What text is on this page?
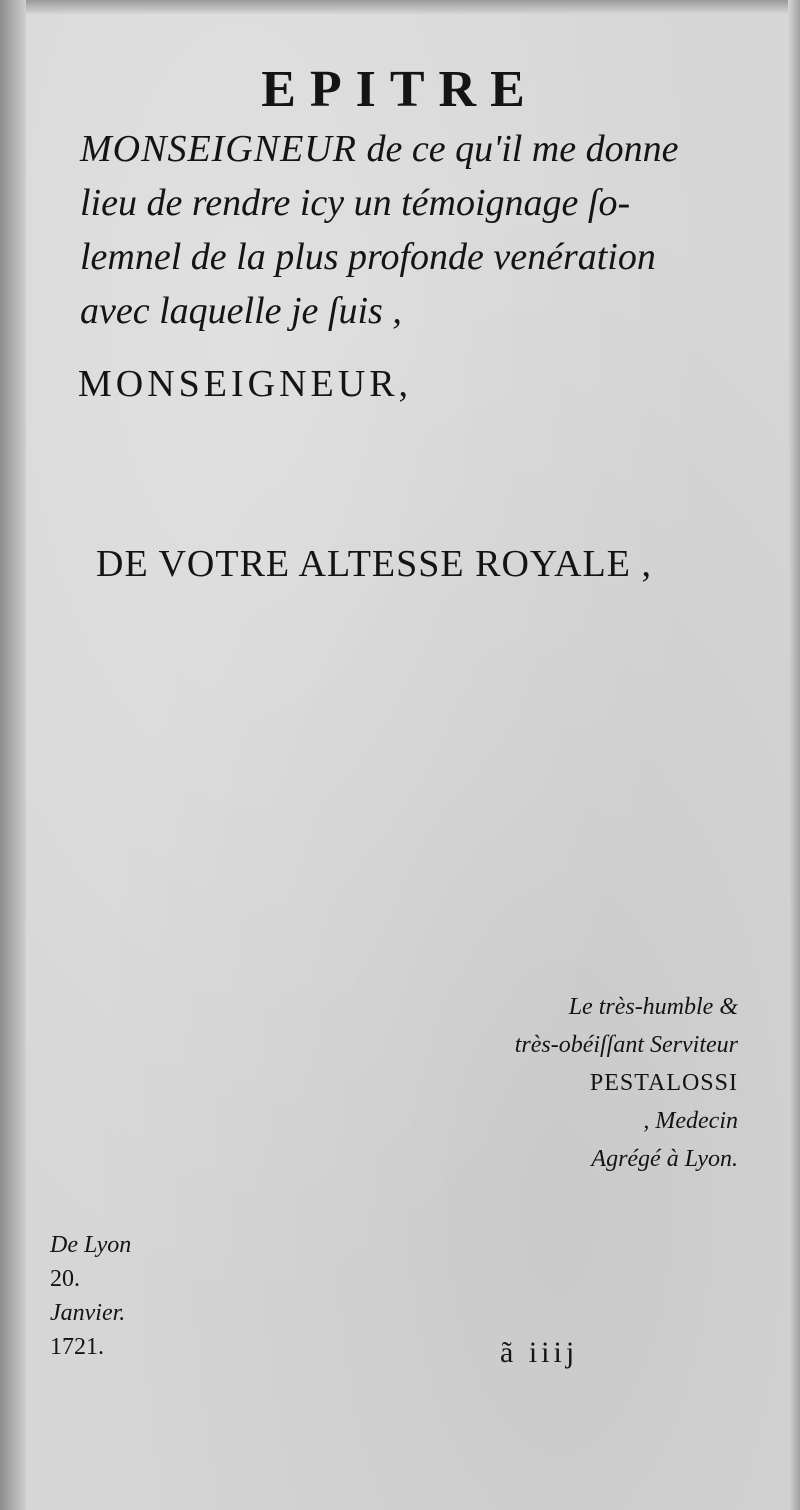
EPITRE
MONSEIGNEUR de ce qu'il me donne
lieu de rendre icy un témoignage ſo-
lemnel de la plus profonde venération
avec laquelle je ſuis ,
MONSEIGNEUR,
DE VOTRE ALTESSE ROYALE ,
Le très-humble &
très-obéiſſant Serviteur
PESTALOSSI
, Medecin
Agrégé à Lyon.
De Lyon
20.
Janvier.
1721.	ã iiij
